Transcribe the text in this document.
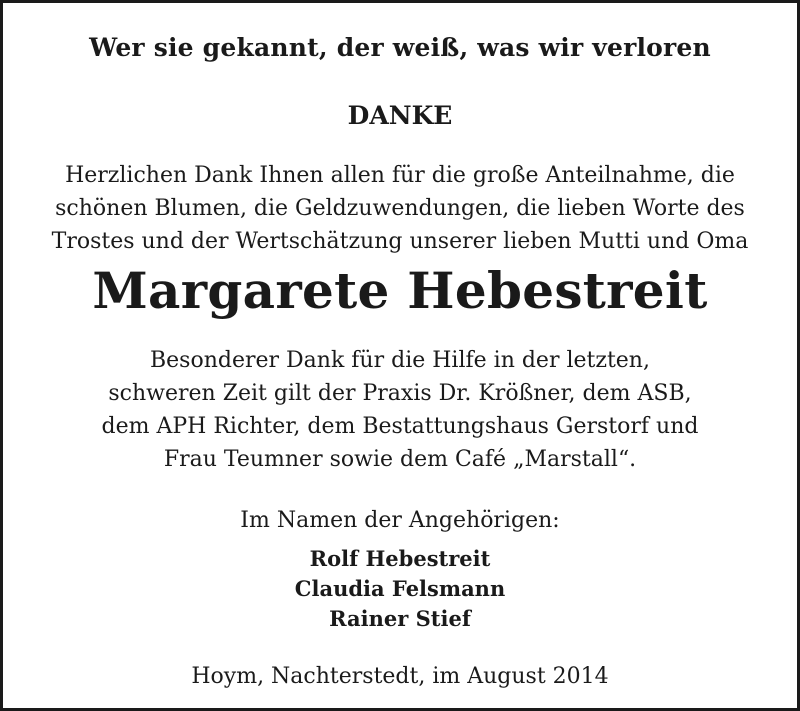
Wer sie gekannt, der weiß, was wir verloren

DANKE

Herzlichen Dank Ihnen allen für die große Anteilnahme, die

schönen Blumen, die Geldzuwendungen, die lieben Worte des

Trostes und der Wertschätzung unserer lieben Mutti und Oma

Margarete Hebestreit

Besonderer Dank für die Hilfe in der letzten,

schweren Zeit gilt der Praxis Dr. Krößner, dem ASB,

dem APH Richter, dem Bestattungshaus Gerstorf und

Frau Teumner sowie dem Café „Marstall“.

Im Namen der Angehörigen:

Rolf Hebestreit

Claudia Felsmann

Rainer Stief

Hoym, Nachterstedt, im August 2014
